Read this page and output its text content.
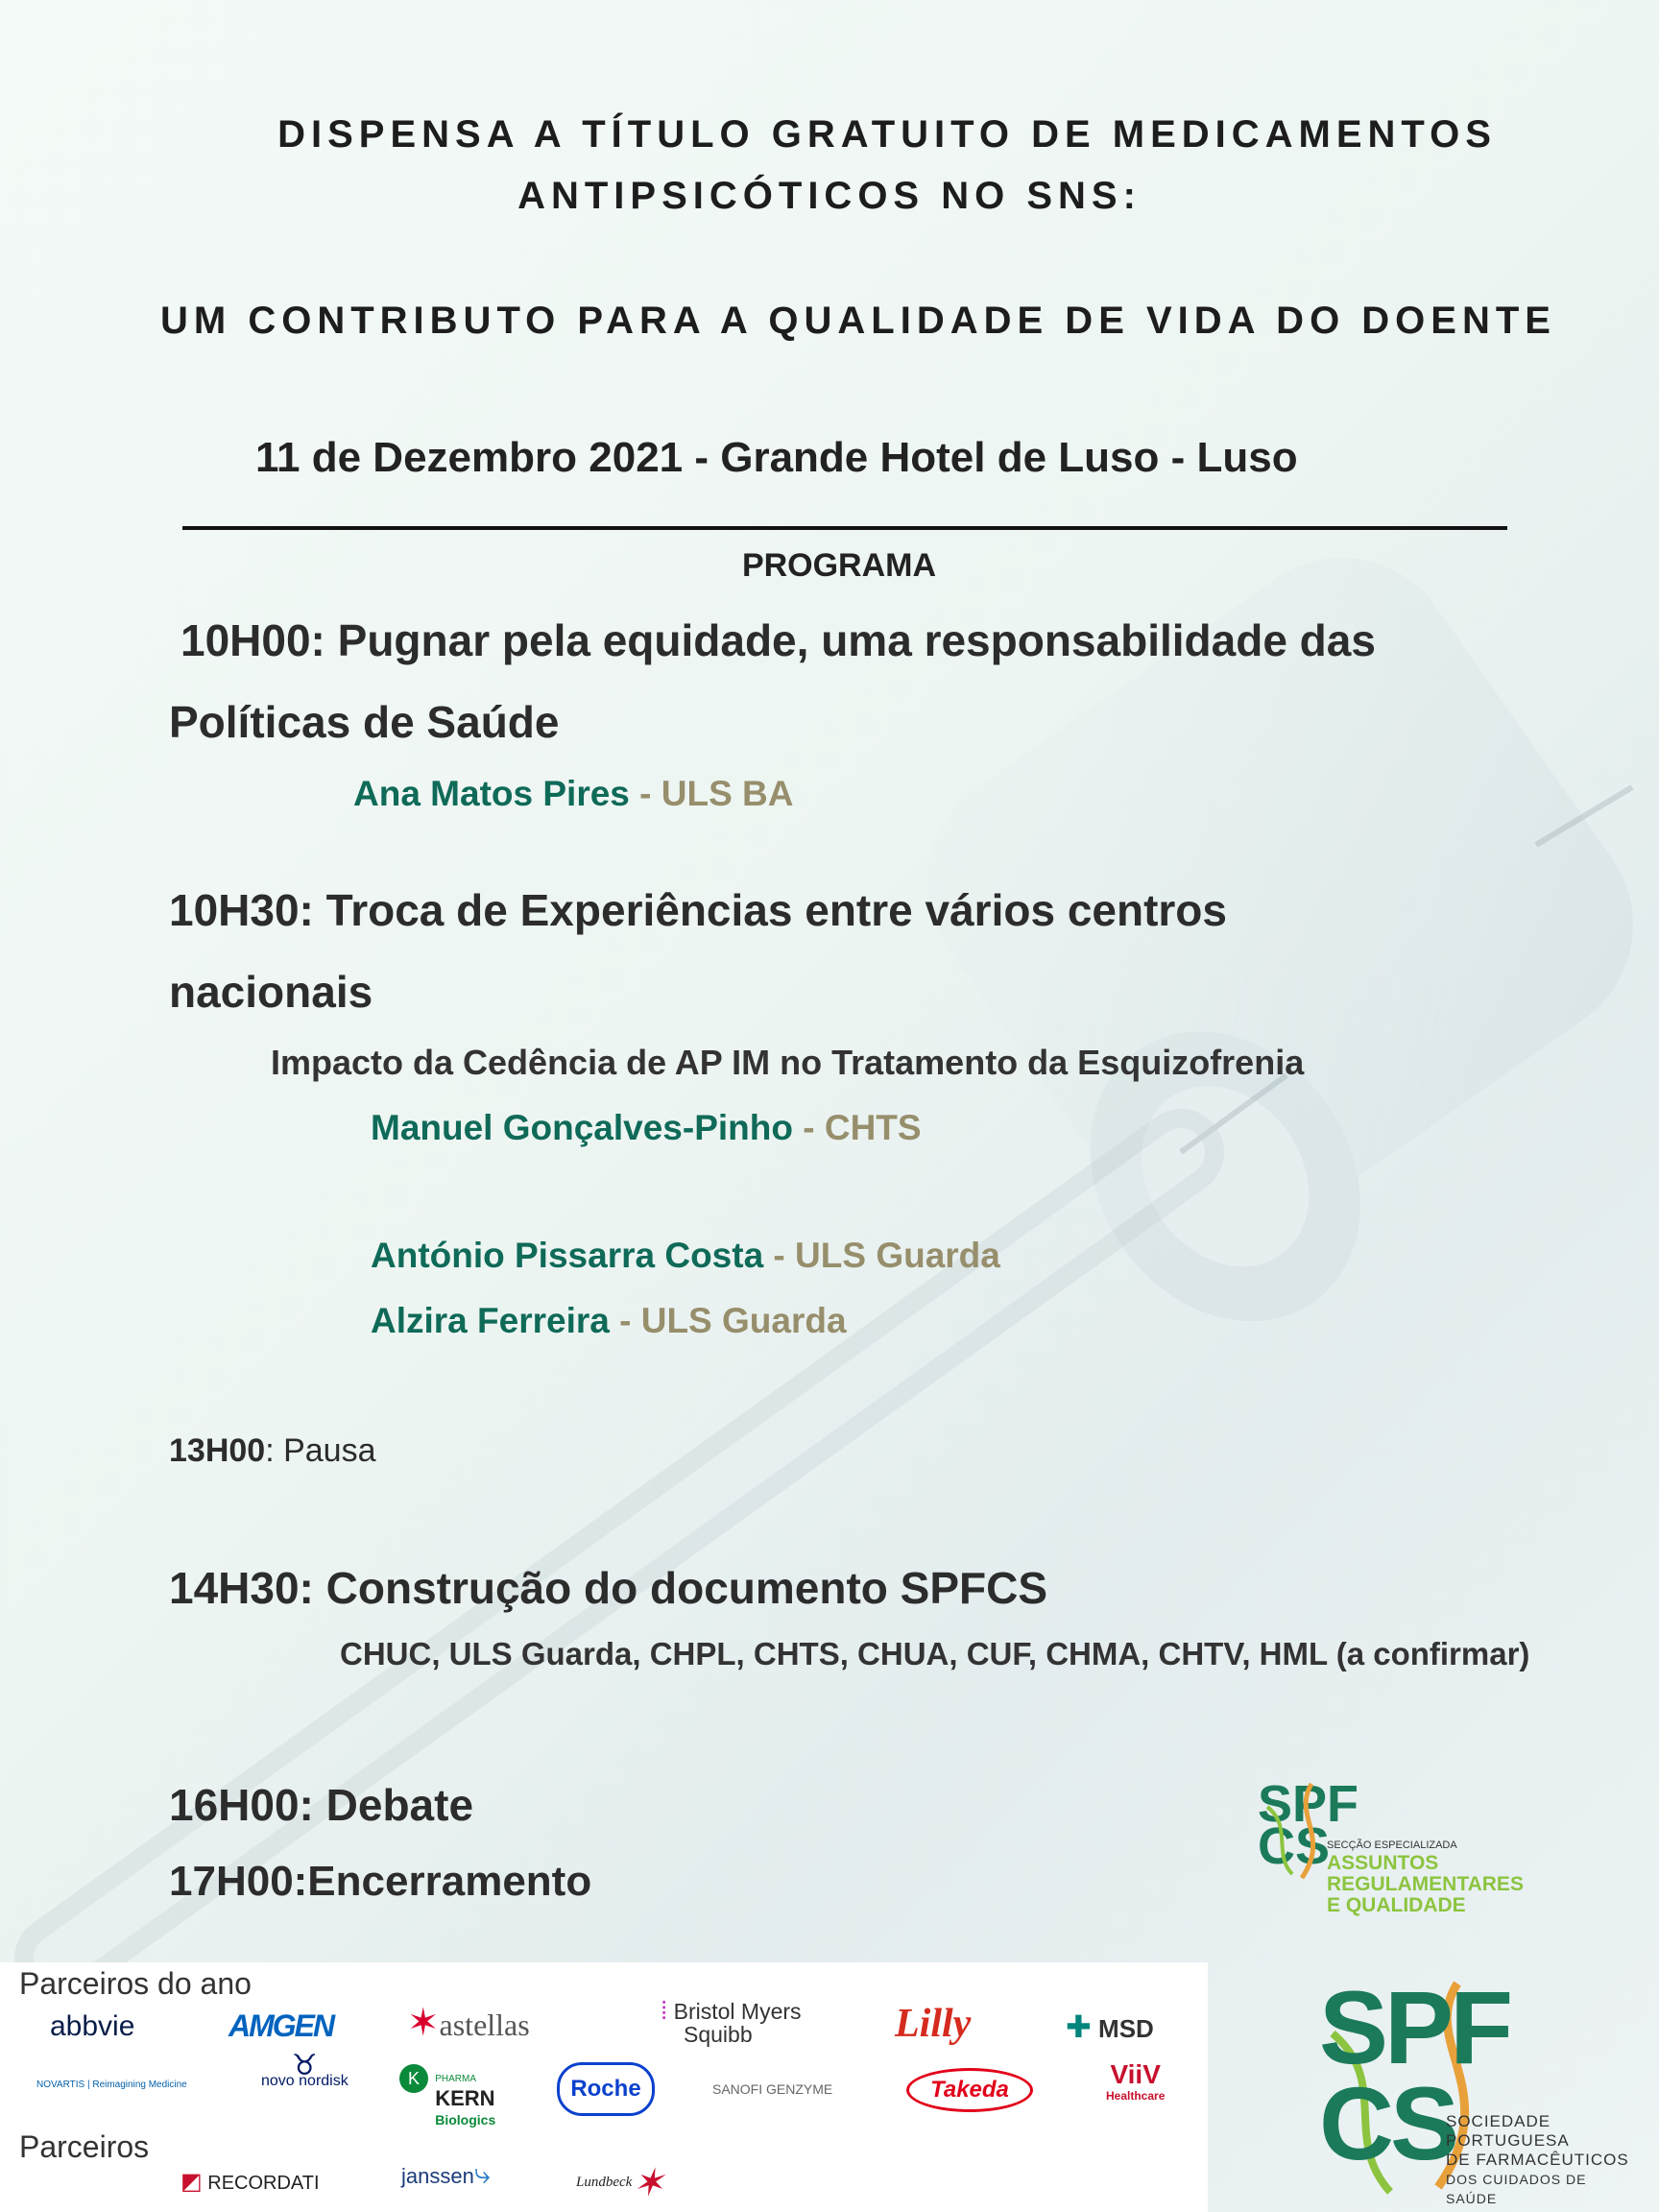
DISPENSA A TÍTULO GRATUITO DE MEDICAMENTOS
ANTIPSICÓTICOS NO SNS:
UM CONTRIBUTO PARA A QUALIDADE DE VIDA DO DOENTE
11 de Dezembro 2021 - Grande Hotel de Luso - Luso
PROGRAMA
10H00: Pugnar pela equidade, uma responsabilidade das
Políticas de Saúde
Ana Matos Pires - ULS BA
10H30: Troca de Experiências entre vários centros
nacionais
Impacto da Cedência de AP IM no Tratamento da Esquizofrenia
Manuel Gonçalves-Pinho - CHTS
António Pissarra Costa - ULS Guarda
Alzira Ferreira - ULS Guarda
13H00: Pausa
14H30: Construção do documento SPFCS
CHUC, ULS Guarda, CHPL, CHTS, CHUA, CUF, CHMA, CHTV, HML (a confirmar)
16H00: Debate
17H00:Encerramento
SPF
CS
SECÇÃO ESPECIALIZADA
ASSUNTOS
REGULAMENTARES
E QUALIDADE
Parceiros do ano
Parceiros
abbvie	AMGEN ✶astellas	⁞ Bristol Myers
Squibb	Lilly	✚ MSD
NOVARTIS | Reimagining Medicine
♉
novo nordisk	K PHARMA
KERN
Biologics
Roche	SANOFI GENZYME	Takeda
ViiV
Healthcare
◩ RECORDATI	janssen⤷	Lundbeck✶
SPF
CS
SOCIEDADE PORTUGUESA
DE FARMACÊUTICOS
DOS CUIDADOS DE SAÚDE
